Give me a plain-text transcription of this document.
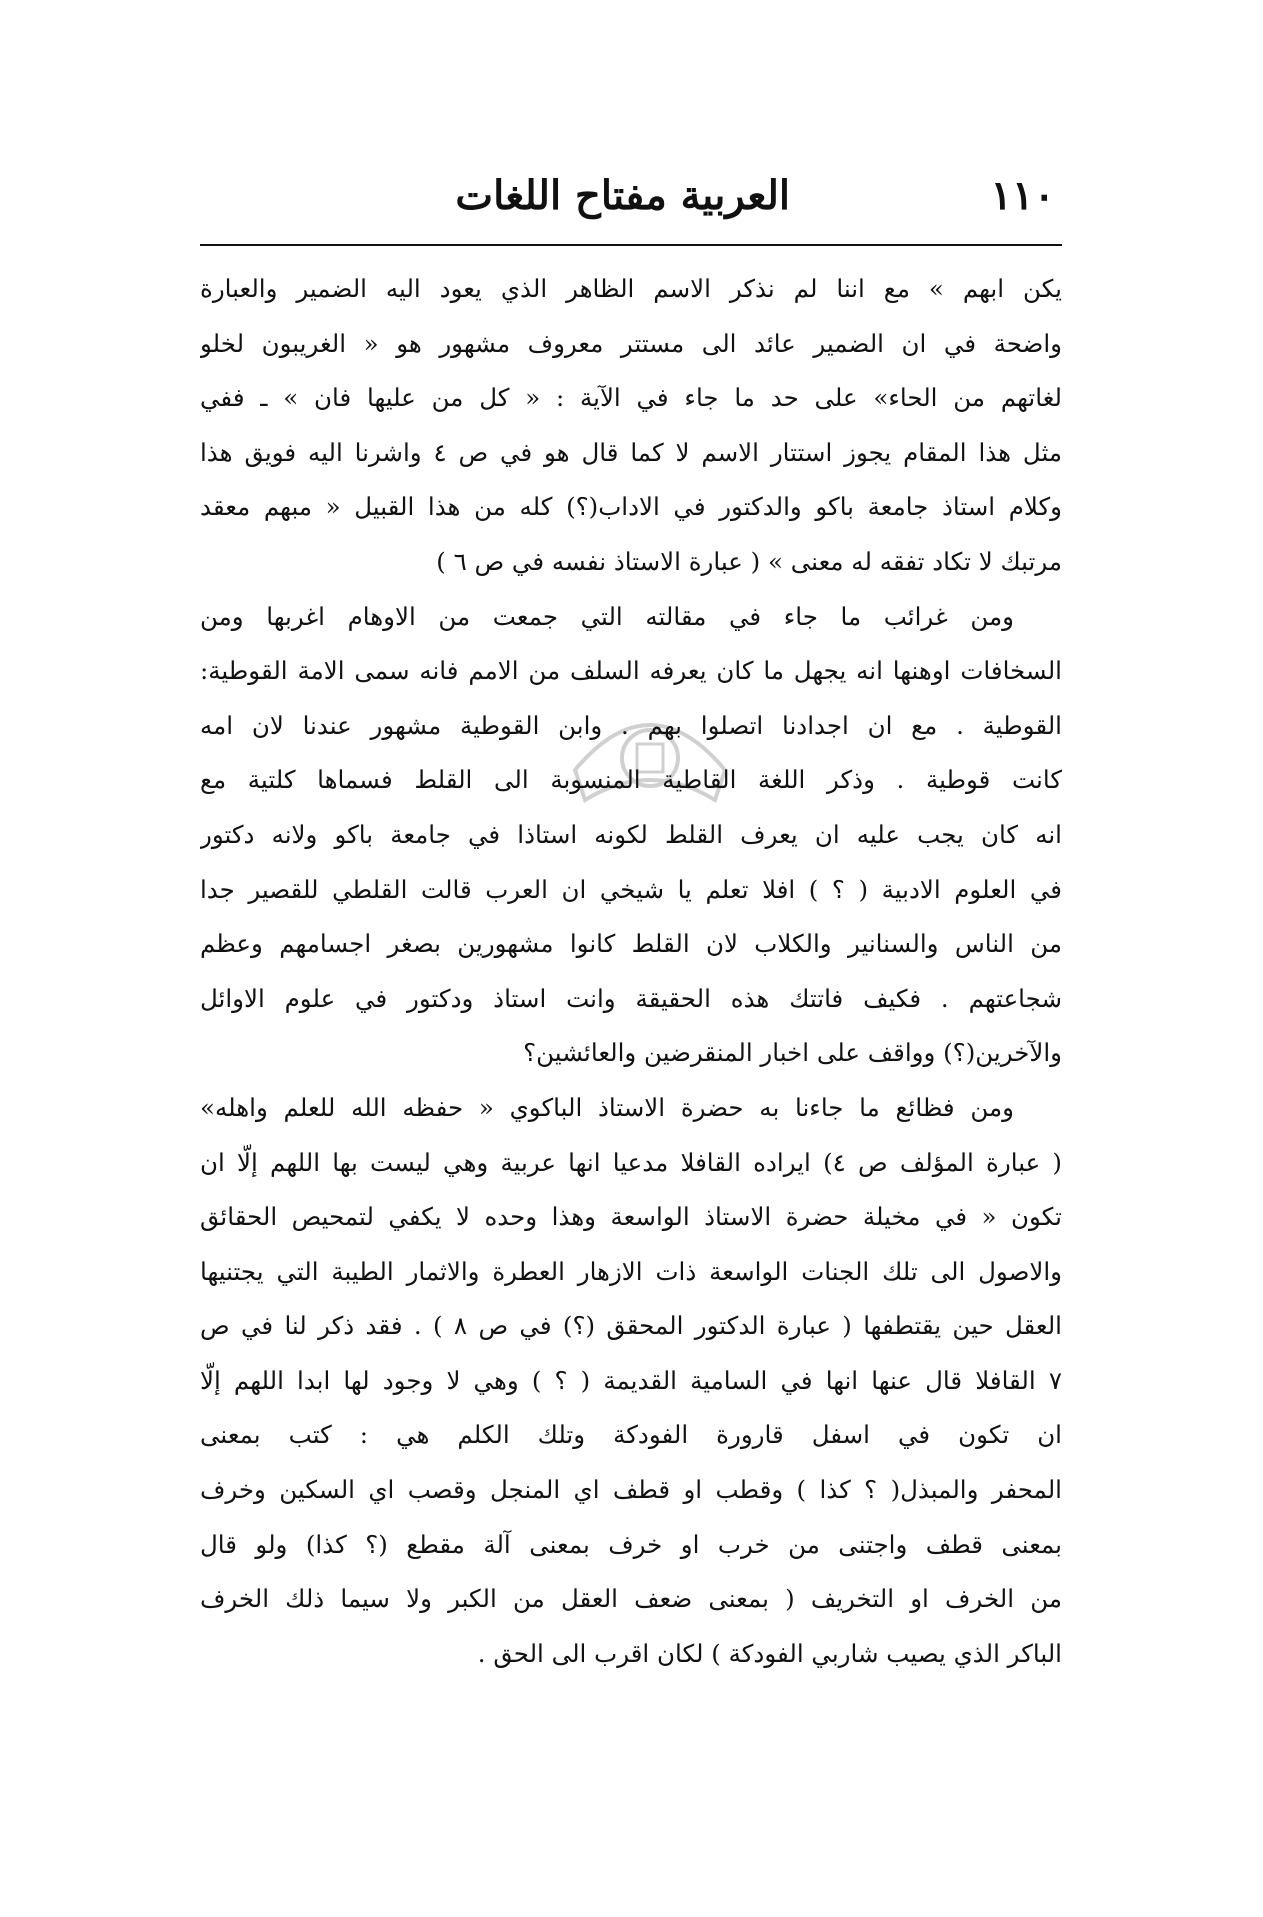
١١٠
العربية مفتاح اللغات

يكن ابهم » مع اننا لم نذكر الاسم الظاهر الذي يعود اليه الضمير والعبارة
واضحة في ان الضمير عائد الى مستتر معروف مشهور هو « الغريبون لخلو
لغاتهم من الحاء» على حد ما جاء في الآية : « كل من عليها فان » ـ ففي
مثل هذا المقام يجوز استتار الاسم لا كما قال هو في ص ٤ واشرنا اليه فويق هذا
وكلام استاذ جامعة باكو والدكتور في الاداب(؟) كله من هذا القبيل « مبهم معقد
مرتبك لا تكاد تفقه له معنى » ( عبارة الاستاذ نفسه في ص ٦ )

ومن غرائب ما جاء في مقالته التي جمعت من الاوهام اغربها ومن
السخافات اوهنها انه يجهل ما كان يعرفه السلف من الامم فانه سمى الامة القوطية:
القوطية . مع ان اجدادنا اتصلوا بهم . وابن القوطية مشهور عندنا لان امه
كانت قوطية . وذكر اللغة القاطية المنسوبة الى القلط فسماها كلتية مع
انه كان يجب عليه ان يعرف القلط لكونه استاذا في جامعة باكو ولانه دكتور
في العلوم الادبية ( ؟ ) افلا تعلم يا شيخي ان العرب قالت القلطي للقصير جدا
من الناس والسنانير والكلاب لان القلط كانوا مشهورين بصغر اجسامهم وعظم
شجاعتهم . فكيف فاتتك هذه الحقيقة وانت استاذ ودكتور في علوم الاوائل
والآخرين(؟) وواقف على اخبار المنقرضين والعائشين؟

ومن فظائع ما جاءنا به حضرة الاستاذ الباكوي « حفظه الله للعلم واهله»
( عبارة المؤلف ص ٤) ايراده القافلا مدعيا انها عربية وهي ليست بها اللهم إلّا ان
تكون « في مخيلة حضرة الاستاذ الواسعة وهذا وحده لا يكفي لتمحيص الحقائق
والاصول الى تلك الجنات الواسعة ذات الازهار العطرة والاثمار الطيبة التي يجتنيها
العقل حين يقتطفها ( عبارة الدكتور المحقق (؟) في ص ٨ ) . فقد ذكر لنا في ص
٧ القافلا قال عنها انها في السامية القديمة ( ؟ ) وهي لا وجود لها ابدا اللهم إلّا
ان تكون في اسفل قارورة الفودكة وتلك الكلم هي : كتب بمعنى
المحفر والمبذل( ؟ كذا ) وقطب او قطف اي المنجل وقصب اي السكين وخرف
بمعنى قطف واجتنى من خرب او خرف بمعنى آلة مقطع (؟ كذا) ولو قال
من الخرف او التخريف ( بمعنى ضعف العقل من الكبر ولا سيما ذلك الخرف
الباكر الذي يصيب شاربي الفودكة ) لكان اقرب الى الحق .
